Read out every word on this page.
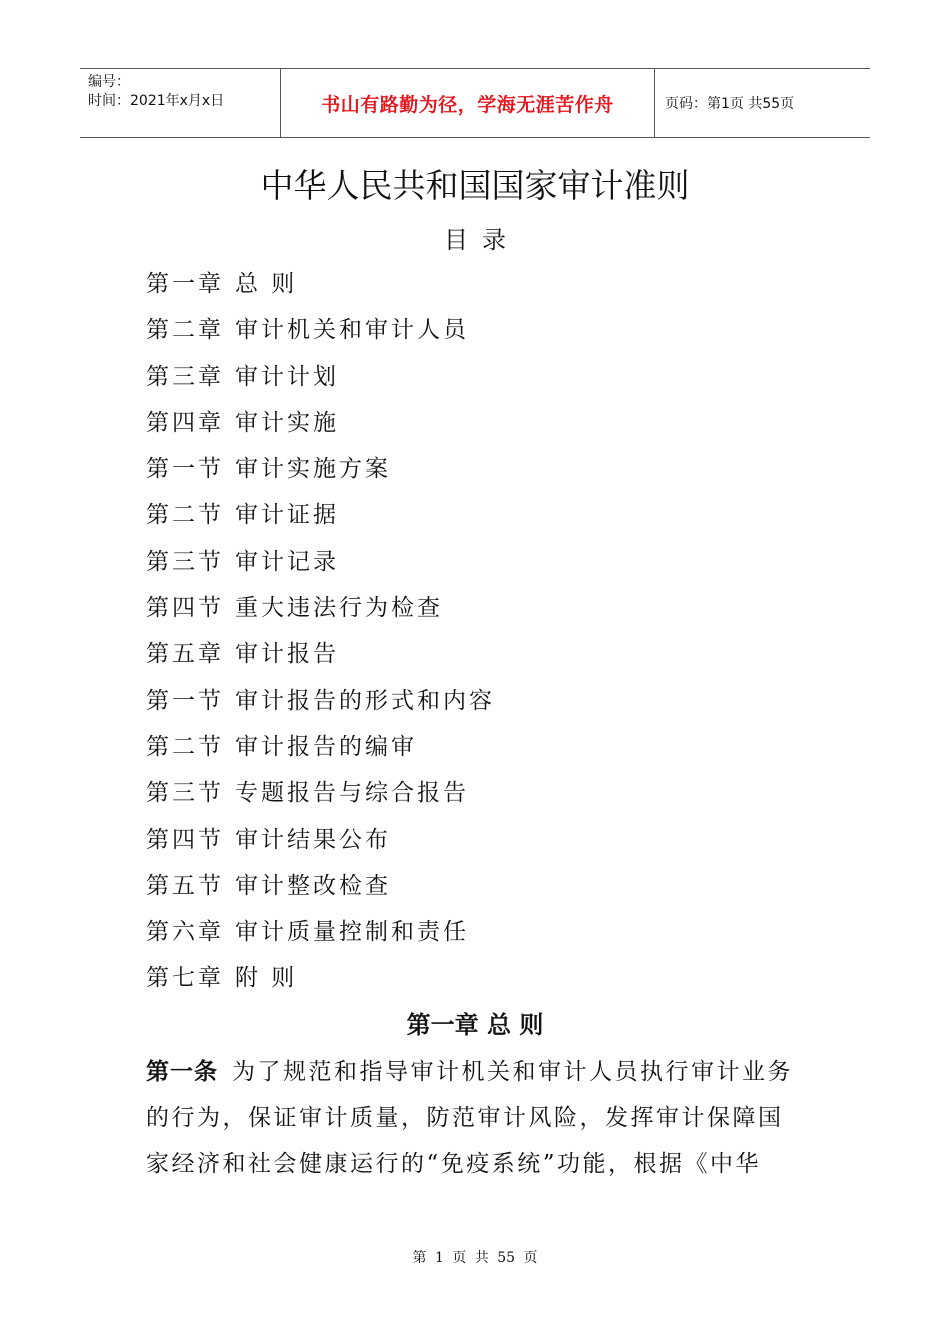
编号：
时间：2021年x月x日	书山有路勤为径，学海无涯苦作舟	页码：第1页 共55页
中华人民共和国国家审计准则
目录
第一章 总 则
第二章 审计机关和审计人员
第三章 审计计划
第四章 审计实施
第一节 审计实施方案
第二节 审计证据
第三节 审计记录
第四节 重大违法行为检查
第五章 审计报告
第一节 审计报告的形式和内容
第二节 审计报告的编审
第三节 专题报告与综合报告
第四节 审计结果公布
第五节 审计整改检查
第六章 审计质量控制和责任
第七章 附 则
第一章 总 则

第一条 为了规范和指导审计机关和审计人员执行审计业务的行为，保证审计质量，防范审计风险，发挥审计保障国家经济和社会健康运行的“免疫系统”功能，根据《中华

第 1 页 共 55 页
